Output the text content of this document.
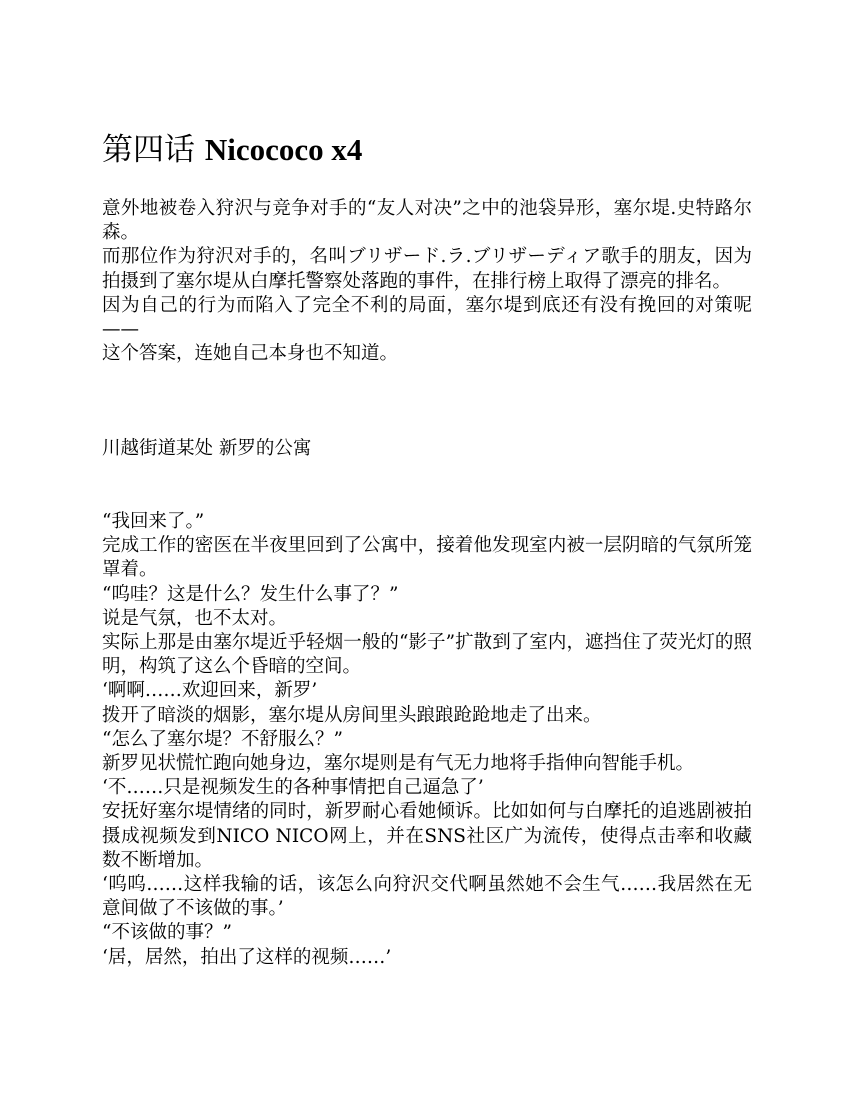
第四话 Nicococo x4

意外地被卷入狩沢与竞争对手的“友人对决”之中的池袋异形，塞尔堤.史特路尔森。

而那位作为狩沢对手的，名叫ブリザード.ラ.ブリザーディア歌手的朋友，因为拍摄到了塞尔堤从白摩托警察处落跑的事件，在排行榜上取得了漂亮的排名。

因为自己的行为而陷入了完全不利的局面，塞尔堤到底还有没有挽回的对策呢——

这个答案，连她自己本身也不知道。

川越街道某处 新罗的公寓

“我回来了。”

完成工作的密医在半夜里回到了公寓中，接着他发现室内被一层阴暗的气氛所笼罩着。

“呜哇？这是什么？发生什么事了？”

说是气氛，也不太对。

实际上那是由塞尔堤近乎轻烟一般的“影子”扩散到了室内，遮挡住了荧光灯的照明，构筑了这么个昏暗的空间。

‘啊啊……欢迎回来，新罗’

拨开了暗淡的烟影，塞尔堤从房间里头踉踉跄跄地走了出来。

“怎么了塞尔堤？不舒服么？”

新罗见状慌忙跑向她身边，塞尔堤则是有气无力地将手指伸向智能手机。

‘不……只是视频发生的各种事情把自己逼急了’

安抚好塞尔堤情绪的同时，新罗耐心看她倾诉。比如如何与白摩托的追逃剧被拍摄成视频发到NICO NICO网上，并在SNS社区广为流传，使得点击率和收藏数不断增加。

‘呜呜……这样我输的话，该怎么向狩沢交代啊虽然她不会生气……我居然在无意间做了不该做的事。’

“不该做的事？”

‘居，居然，拍出了这样的视频……’
